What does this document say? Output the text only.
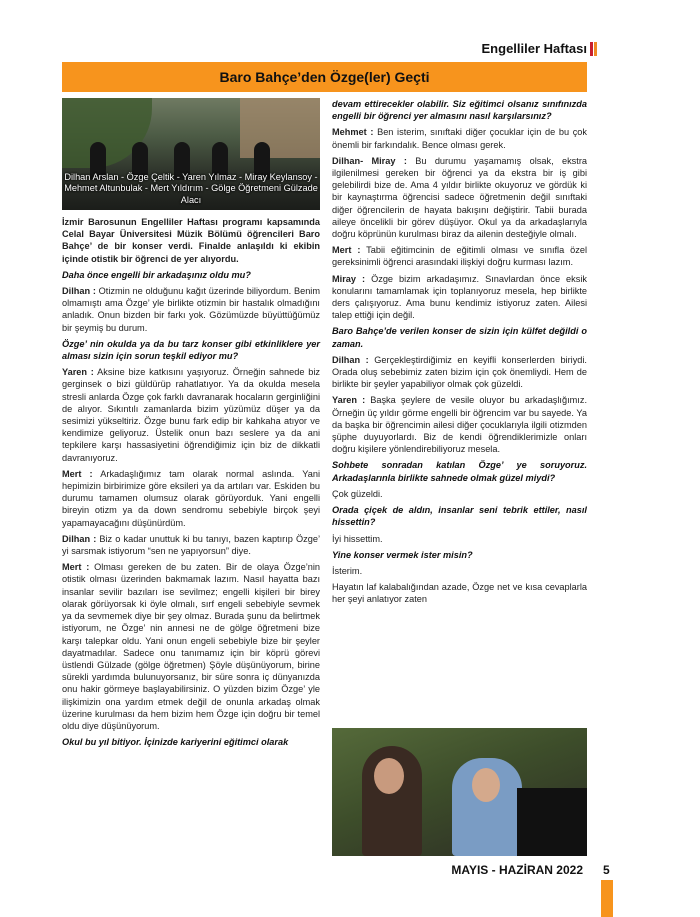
Engelliler Haftası
Baro Bahçe’den Özge(ler) Geçti
Dilhan Arslan - Özge Çeltik - Yaren Yılmaz - Miray Keylansoy - Mehmet Altunbulak - Mert Yıldırım - Gölge Öğretmeni Gülzade Alacı

İzmir Barosunun Engelliler Haftası programı kapsamında Celal Bayar Üniversitesi Müzik Bölümü öğrencileri Baro Bahçe’ de bir konser verdi. Finalde anlaşıldı ki ekibin içinde otistik bir öğrenci de yer alıyordu.

Daha önce engelli bir arkadaşınız oldu mu?

Dilhan : Otizmin ne olduğunu kağıt üzerinde biliyordum. Benim olmamıştı ama Özge’ yle birlikte otizmin bir hastalık olmadığını anladık. Onun bizden bir farkı yok. Gözümüzde büyüttüğümüz bir şeymiş bu durum.

Özge’ nin okulda ya da bu tarz konser gibi etkinliklere yer alması sizin için sorun teşkil ediyor mu?

Yaren : Aksine bize katkısını yaşıyoruz. Örneğin sahnede biz gerginsek o bizi güldürüp rahatlatıyor. Ya da okulda mesela stresli anlarda Özge çok farklı davranarak hocaların gerginliğini de alıyor. Sıkıntılı zamanlarda bizim yüzümüz düşer ya da sesimizi yükseltiriz. Özge bunu fark edip bir kahkaha atıyor ve kendimize geliyoruz. Üstelik onun bazı seslere ya da ani tepkilere karşı hassasiyetini öğrendiğimiz için biz de dikkatli davranıyoruz.

Mert : Arkadaşlığımız tam olarak normal aslında. Yani hepimizin birbirimize göre eksileri ya da artıları var. Eskiden bu durumu tamamen olumsuz olarak görüyorduk. Yani engelli bireyin otizm ya da down sendromu sebebiyle birçok şeyi yapamayacağını düşünürdüm.

Dilhan : Biz o kadar unuttuk ki bu tanıyı, bazen kaptırıp Özge’ yi sarsmak istiyorum “sen ne yapıyorsun” diye.

Mert : Olması gereken de bu zaten. Bir de olaya Özge’nin otistik olması üzerinden bakmamak lazım. Nasıl hayatta bazı insanlar sevilir bazıları ise sevilmez; engelli kişileri bir birey olarak görüyorsak ki öyle olmalı, sırf engeli sebebiyle sevmek ya da sevmemek diye bir şey olmaz. Burada şunu da belirtmek istiyorum, ne Özge’ nin annesi ne de gölge öğretmeni bize karşı talepkar oldu. Yani onun engeli sebebiyle bize bir şeyler dayatmadılar. Sadece onu tanımamız için bir köprü görevi üstlendi Gülzade (gölge öğretmen) Şöyle düşünüyorum, birine sürekli yardımda bulunuyorsanız, bir süre sonra iç dünyanızda onu hakir görmeye başlayabilirsiniz. O yüzden bizim Özge’ yle ilişkimizin ona yardım etmek değil de onunla arkadaş olmak üzerine kurulması da hem bizim hem Özge için doğru bir temel oldu diye düşünüyorum.

Okul bu yıl bitiyor. İçinizde kariyerini eğitimci olarak

devam ettirecekler olabilir. Siz eğitimci olsanız sınıfınızda engelli bir öğrenci yer almasını nasıl karşılarsınız?

Mehmet : Ben isterim, sınıftaki diğer çocuklar için de bu çok önemli bir farkındalık. Bence olması gerek.

Dilhan- Miray : Bu durumu yaşamamış olsak, ekstra ilgilenilmesi gereken bir öğrenci ya da ekstra bir iş gibi gelebilirdi bize de. Ama 4 yıldır birlikte okuyoruz ve gördük ki bir kaynaştırma öğrencisi sadece öğretmenin değil sınıftaki diğer öğrencilerin de hayata bakışını değiştirir. Tabii burada aileye öncelikli bir görev düşüyor. Okul ya da arkadaşlarıyla doğru köprünün kurulması biraz da ailenin desteğiyle olmalı.

Mert : Tabii eğitimcinin de eğitimli olması ve sınıfla özel gereksinimli öğrenci arasındaki ilişkiyi doğru kurması lazım.

Miray : Özge bizim arkadaşımız. Sınavlardan önce eksik konularını tamamlamak için toplanıyoruz mesela, hep birlikte ders çalışıyoruz. Ama bunu kendimiz istiyoruz zaten. Ailesi talep ettiği için değil.

Baro Bahçe’de verilen konser de sizin için külfet değildi o zaman.

Dilhan : Gerçekleştirdiğimiz en keyifli konserlerden biriydi. Orada oluş sebebimiz zaten bizim için çok önemliydi. Hem de birlikte bir şeyler yapabiliyor olmak çok güzeldi.

Yaren : Başka şeylere de vesile oluyor bu arkadaşlığımız. Örneğin üç yıldır görme engelli bir öğrencim var bu sayede. Ya da başka bir öğrencimin ailesi diğer çocuklarıyla ilgili otizmden şüphe duyuyorlardı. Biz de kendi öğrendiklerimizle onları doğru kişilere yönlendirebiliyoruz mesela.

Sohbete sonradan katılan Özge’ ye soruyoruz. Arkadaşlarınla birlikte sahnede olmak güzel miydi?

Çok güzeldi.

Orada çiçek de aldın, insanlar seni tebrik ettiler, nasıl hissettin?

İyi hissettim.

Yine konser vermek ister misin?

İsterim.

Hayatın laf kalabalığından azade, Özge net ve kısa cevaplarla her şeyi anlatıyor zaten

MAYIS - HAZİRAN 2022 5
